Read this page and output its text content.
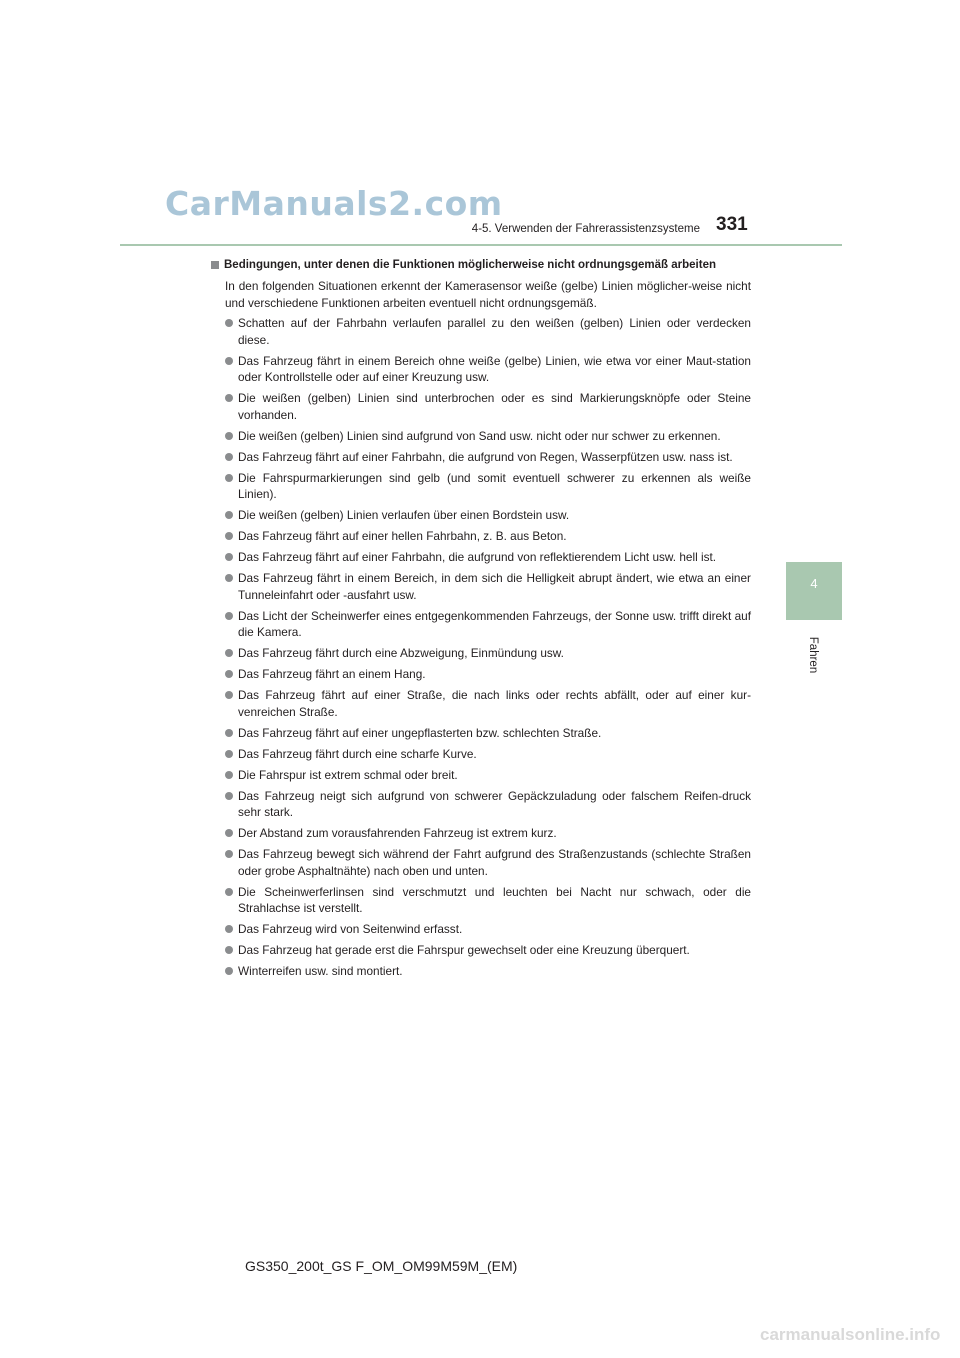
CarManuals2.com
4-5. Verwenden der Fahrerassistenzsysteme 331
4
Fahren
Bedingungen, unter denen die Funktionen möglicherweise nicht ordnungsgemäß arbeiten
In den folgenden Situationen erkennt der Kamerasensor weiße (gelbe) Linien möglicher-weise nicht und verschiedene Funktionen arbeiten eventuell nicht ordnungsgemäß.
Schatten auf der Fahrbahn verlaufen parallel zu den weißen (gelben) Linien oder verdecken diese.
Das Fahrzeug fährt in einem Bereich ohne weiße (gelbe) Linien, wie etwa vor einer Maut-station oder Kontrollstelle oder auf einer Kreuzung usw.
Die weißen (gelben) Linien sind unterbrochen oder es sind Markierungsknöpfe oder Steine vorhanden.
Die weißen (gelben) Linien sind aufgrund von Sand usw. nicht oder nur schwer zu erkennen.
Das Fahrzeug fährt auf einer Fahrbahn, die aufgrund von Regen, Wasserpfützen usw. nass ist.
Die Fahrspurmarkierungen sind gelb (und somit eventuell schwerer zu erkennen als weiße Linien).
Die weißen (gelben) Linien verlaufen über einen Bordstein usw.
Das Fahrzeug fährt auf einer hellen Fahrbahn, z. B. aus Beton.
Das Fahrzeug fährt auf einer Fahrbahn, die aufgrund von reflektierendem Licht usw. hell ist.
Das Fahrzeug fährt in einem Bereich, in dem sich die Helligkeit abrupt ändert, wie etwa an einer Tunneleinfahrt oder -ausfahrt usw.
Das Licht der Scheinwerfer eines entgegenkommenden Fahrzeugs, der Sonne usw. trifft direkt auf die Kamera.
Das Fahrzeug fährt durch eine Abzweigung, Einmündung usw.
Das Fahrzeug fährt an einem Hang.
Das Fahrzeug fährt auf einer Straße, die nach links oder rechts abfällt, oder auf einer kur-venreichen Straße.
Das Fahrzeug fährt auf einer ungepflasterten bzw. schlechten Straße.
Das Fahrzeug fährt durch eine scharfe Kurve.
Die Fahrspur ist extrem schmal oder breit.
Das Fahrzeug neigt sich aufgrund von schwerer Gepäckzuladung oder falschem Reifen-druck sehr stark.
Der Abstand zum vorausfahrenden Fahrzeug ist extrem kurz.
Das Fahrzeug bewegt sich während der Fahrt aufgrund des Straßenzustands (schlechte Straßen oder grobe Asphaltnähte) nach oben und unten.
Die Scheinwerferlinsen sind verschmutzt und leuchten bei Nacht nur schwach, oder die Strahlachse ist verstellt.
Das Fahrzeug wird von Seitenwind erfasst.
Das Fahrzeug hat gerade erst die Fahrspur gewechselt oder eine Kreuzung überquert.
Winterreifen usw. sind montiert.
GS350_200t_GS F_OM_OM99M59M_(EM)
carmanualsonline.info
